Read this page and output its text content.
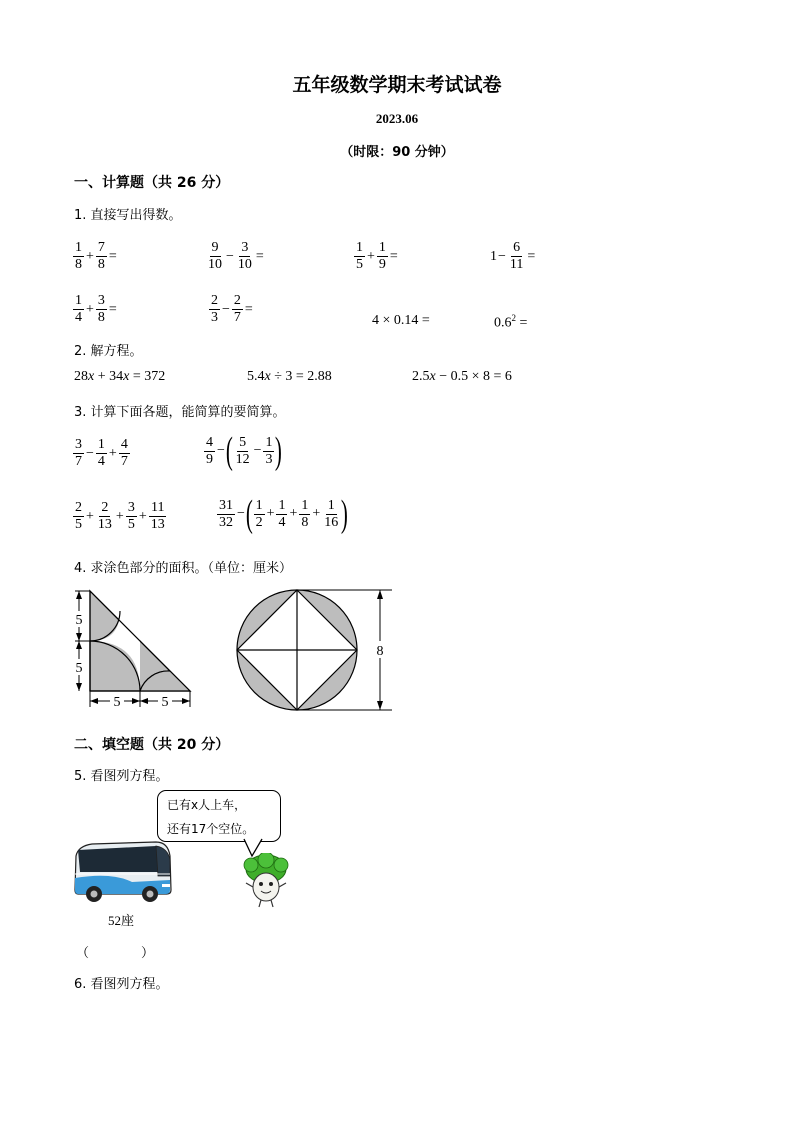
五年级数学期末考试试卷
2023.06
（时限：90 分钟）
一、计算题（共 26 分）
1. 直接写出得数。
$\frac{1}{8} + \frac{7}{8}$ =	$\frac{9}{10} - \frac{3}{10}$ =	$\frac{1}{5} + \frac{1}{9}$ =	$1 - \frac{6}{11}$ =
$\frac{1}{4} + \frac{3}{8}$ =	$\frac{2}{3} - \frac{2}{7}$ =
4 × 0.14 =	$0.6^2$ =
2. 解方程。
28x + 34x = 372	5.4x ÷ 3 = 2.88	2.5x − 0.5 × 8 = 6
3. 计算下面各题，能简算的要简算。
$\frac{3}{7} - \frac{1}{4} + \frac{4}{7}$	$\frac{4}{9}$ − ( $\frac{5}{12} - \frac{1}{3}$ )
$\frac{2}{5} + \frac{2}{13} + \frac{3}{5} + \frac{11}{13}$	$\frac{31}{32}$ − ( $\frac{1}{2} + \frac{1}{4} + \frac{1}{8} + \frac{1}{16}$ )
4. 求涂色部分的面积。（单位：厘米）
5
5
5	5
8
二、填空题（共 20 分）
5. 看图列方程。
已有x人上车，
还有17个空位。
52座
（　　　　）
6. 看图列方程。
